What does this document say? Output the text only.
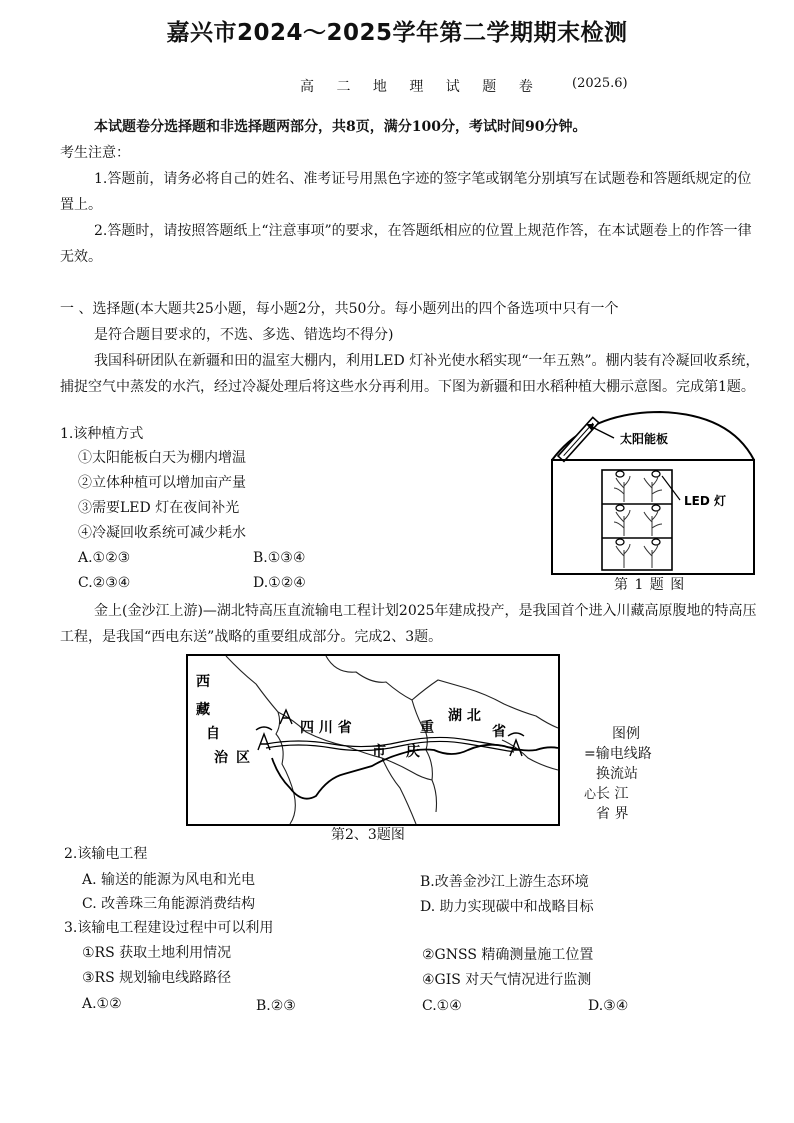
嘉兴市2024～2025学年第二学期期末检测
高 二 地 理 试 题 卷 (2025.6)
本试题卷分选择题和非选择题两部分，共8页，满分100分，考试时间90分钟。
考生注意：
1.答题前，请务必将自己的姓名、准考证号用黑色字迹的签字笔或钢笔分别填写在试题卷和答题纸规定的位置上。
2.答题时，请按照答题纸上“注意事项”的要求，在答题纸相应的位置上规范作答，在本试题卷上的作答一律无效。
一 、选择题(本大题共25小题，每小题2分，共50分。每小题列出的四个备选项中只有一个
是符合题目要求的，不选、多选、错选均不得分)
我国科研团队在新疆和田的温室大棚内，利用LED 灯补光使水稻实现“一年五熟”。棚内装有冷凝回收系统，捕捉空气中蒸发的水汽，经过冷凝处理后将这些水分再利用。下图为新疆和田水稻种植大棚示意图。完成第1题。
1.该种植方式
①太阳能板白天为棚内增温
②立体种植可以增加亩产量
③需要LED 灯在夜间补光
④冷凝回收系统可减少耗水
A.①②③	B.①③④
C.②③④	D.①②④
太阳能板
LED 灯
第 1 题 图
金上(金沙江上游)—湖北特高压直流输电工程计划2025年建成投产，是我国首个进入川藏高原腹地的特高压工程，是我国“西电东送”战略的重要组成部分。完成2、3题。
西
藏
自
治 区
四 川 省	重
市 庆
湖 北
省	图例
=输电线路
换流站
心长 江
省 界
第2、3题图
2.该输电工程
A. 输送的能源为风电和光电	B.改善金沙江上游生态环境
C. 改善珠三角能源消费结构	D. 助力实现碳中和战略目标
3.该输电工程建设过程中可以利用
①RS 获取土地利用情况	②GNSS 精确测量施工位置
③RS 规划输电线路路径	④GIS 对天气情况进行监测
A.①②	B.②③	C.①④	D.③④
